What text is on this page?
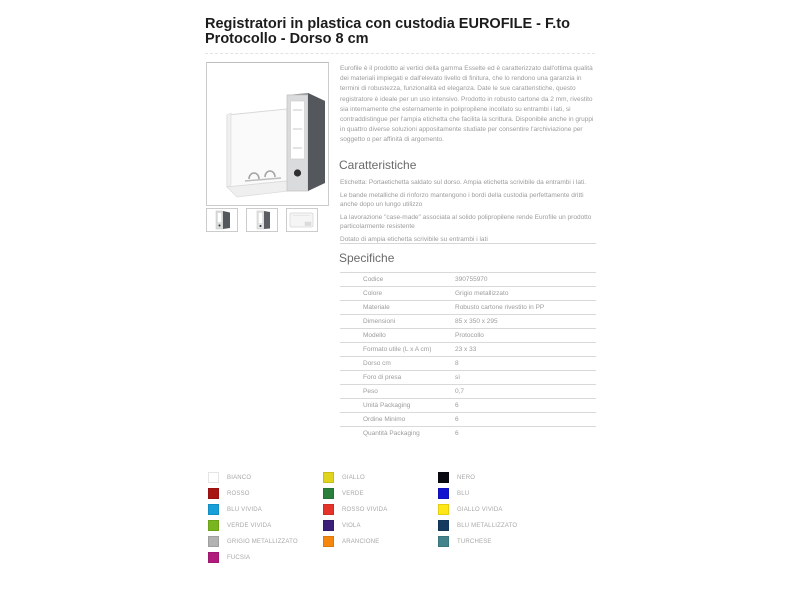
Registratori in plastica con custodia EUROFILE - F.to Protocollo - Dorso 8 cm

Eurofile è il prodotto ai vertici della gamma Esselte ed è caratterizzato dall'ottima qualità dei materiali impiegati e dall'elevato livello di finitura, che lo rendono una garanzia in termini di robustezza, funzionalità ed eleganza. Date le sue caratteristiche, questo registratore è ideale per un uso intensivo. Prodotto in robusto cartone da 2 mm, rivestito sia internamente che esternamente in polipropilene incollato su entrambi i lati, si contraddistingue per l'ampia etichetta che facilita la scrittura. Disponibile anche in gruppi in quattro diverse soluzioni appositamente studiate per consentire l'archiviazione per soggetto o per affinità di argomento.

Caratteristiche
Etichetta: Portaetichetta saldato sul dorso. Ampia etichetta scrivibile da entrambi i lati.
Le bande metalliche di rinforzo mantengono i bordi della custodia perfettamente dritti anche dopo un lungo utilizzo
La lavorazione "case-made" associata al solido polipropilene rende Eurofile un prodotto particolarmente resistente
Dotato di ampia etichetta scrivibile su entrambi i lati
Specifiche
Codice	390755970
Colore	Grigio metallizzato
Materiale	Robusto cartone rivestito in PP
Dimensioni	85 x 350 x 295
Modello	Protocollo
Formato utile (L x A cm)	23 x 33
Dorso cm	8
Foro di presa	sì
Peso	0,7
Unità Packaging	6
Ordine Minimo	6
Quantità Packaging	6
BIANCO
ROSSO
BLU VIVIDA
VERDE VIVIDA
GRIGIO METALLIZZATO
FUCSIA
GIALLO
VERDE
ROSSO VIVIDA
VIOLA
ARANCIONE
NERO
BLU
GIALLO VIVIDA
BLU METALLIZZATO
TURCHESE
